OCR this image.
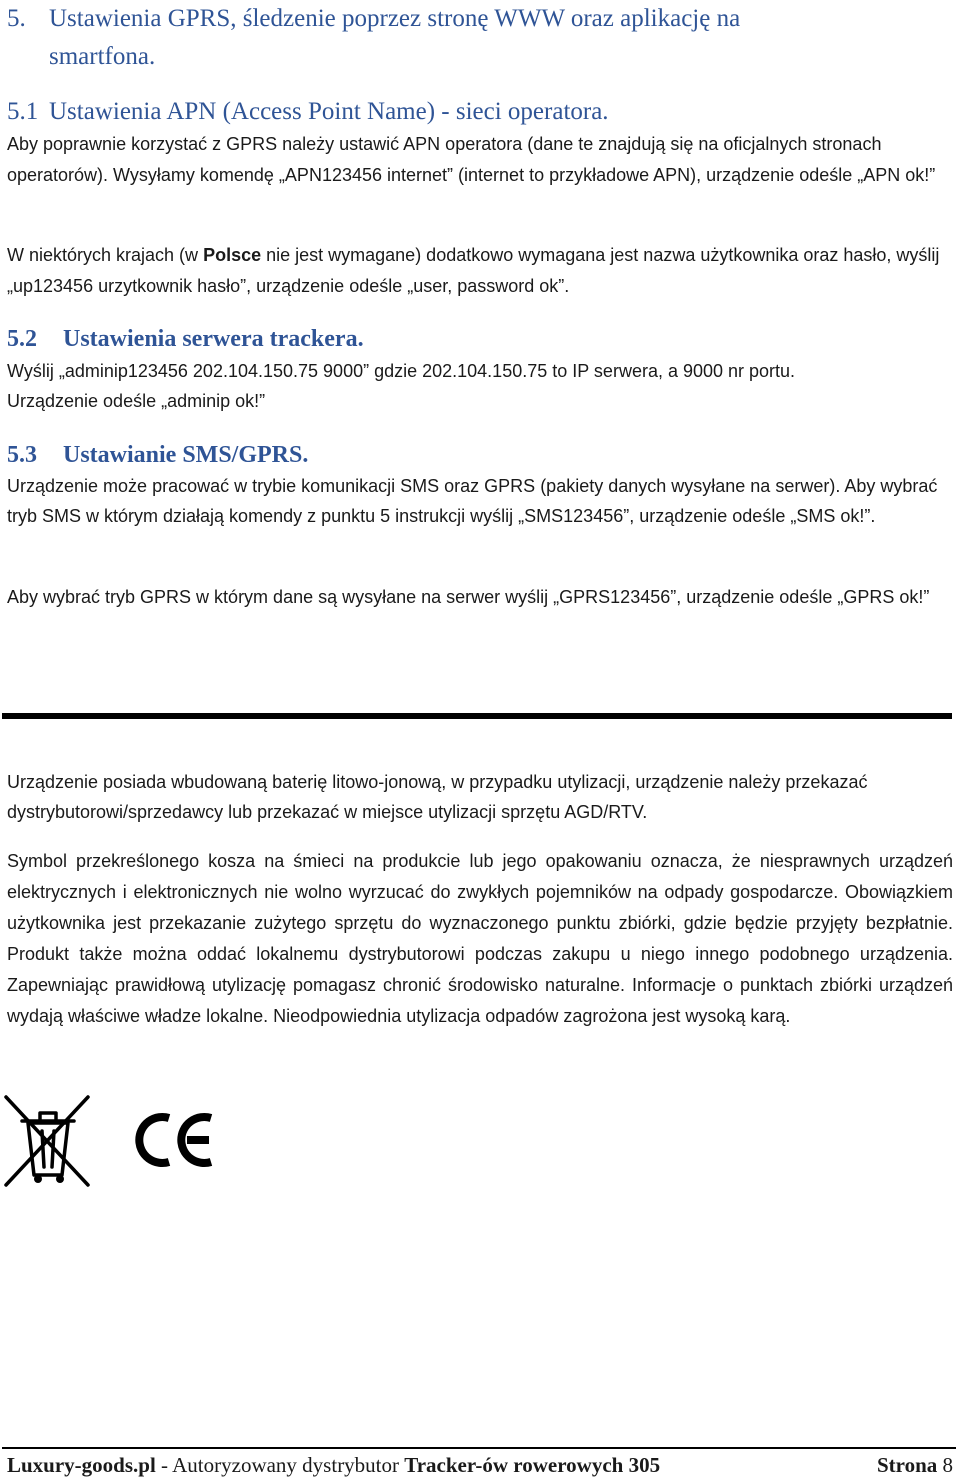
5. Ustawienia GPRS, śledzenie poprzez stronę WWW oraz aplikację na
smartfona.
5.1 Ustawienia APN (Access Point Name) - sieci operatora.

Aby poprawnie korzystać z GPRS należy ustawić APN operatora (dane te znajdują się na oficjalnych stronach operatorów). Wysyłamy komendę „APN123456 internet” (internet to przykładowe APN), urządzenie odeśle „APN ok!”

W niektórych krajach (w Polsce nie jest wymagane) dodatkowo wymagana jest nazwa użytkownika oraz hasło, wyślij „up123456 urzytkownik hasło”, urządzenie odeśle „user, password ok”.

5.2 Ustawienia serwera trackera.

Wyślij „adminip123456 202.104.150.75 9000” gdzie 202.104.150.75 to IP serwera, a 9000 nr portu.

Urządzenie odeśle „adminip ok!”

5.3 Ustawianie SMS/GPRS.

Urządzenie może pracować w trybie komunikacji SMS oraz GPRS (pakiety danych wysyłane na serwer). Aby wybrać tryb SMS w którym działają komendy z punktu 5 instrukcji wyślij „SMS123456”, urządzenie odeśle „SMS ok!”.

Aby wybrać tryb GPRS w którym dane są wysyłane na serwer wyślij „GPRS123456”, urządzenie odeśle „GPRS ok!”

Urządzenie posiada wbudowaną baterię litowo-jonową, w przypadku utylizacji, urządzenie należy przekazać dystrybutorowi/sprzedawcy lub przekazać w miejsce utylizacji sprzętu AGD/RTV.

Symbol przekreślonego kosza na śmieci na produkcie lub jego opakowaniu oznacza, że niesprawnych urządzeń elektrycznych i elektronicznych nie wolno wyrzucać do zwykłych pojemników na odpady gospodarcze. Obowiązkiem użytkownika jest przekazanie zużytego sprzętu do wyznaczonego punktu zbiórki, gdzie będzie przyjęty bezpłatnie. Produkt także można oddać lokalnemu dystrybutorowi podczas zakupu u niego innego podobnego urządzenia. Zapewniając prawidłową utylizację pomagasz chronić środowisko naturalne. Informacje o punktach zbiórki urządzeń wydają właściwe władze lokalne. Nieodpowiednia utylizacja odpadów zagrożona jest wysoką karą.

Luxury-goods.pl - Autoryzowany dystrybutor Tracker-ów rowerowych 305	Strona 8
